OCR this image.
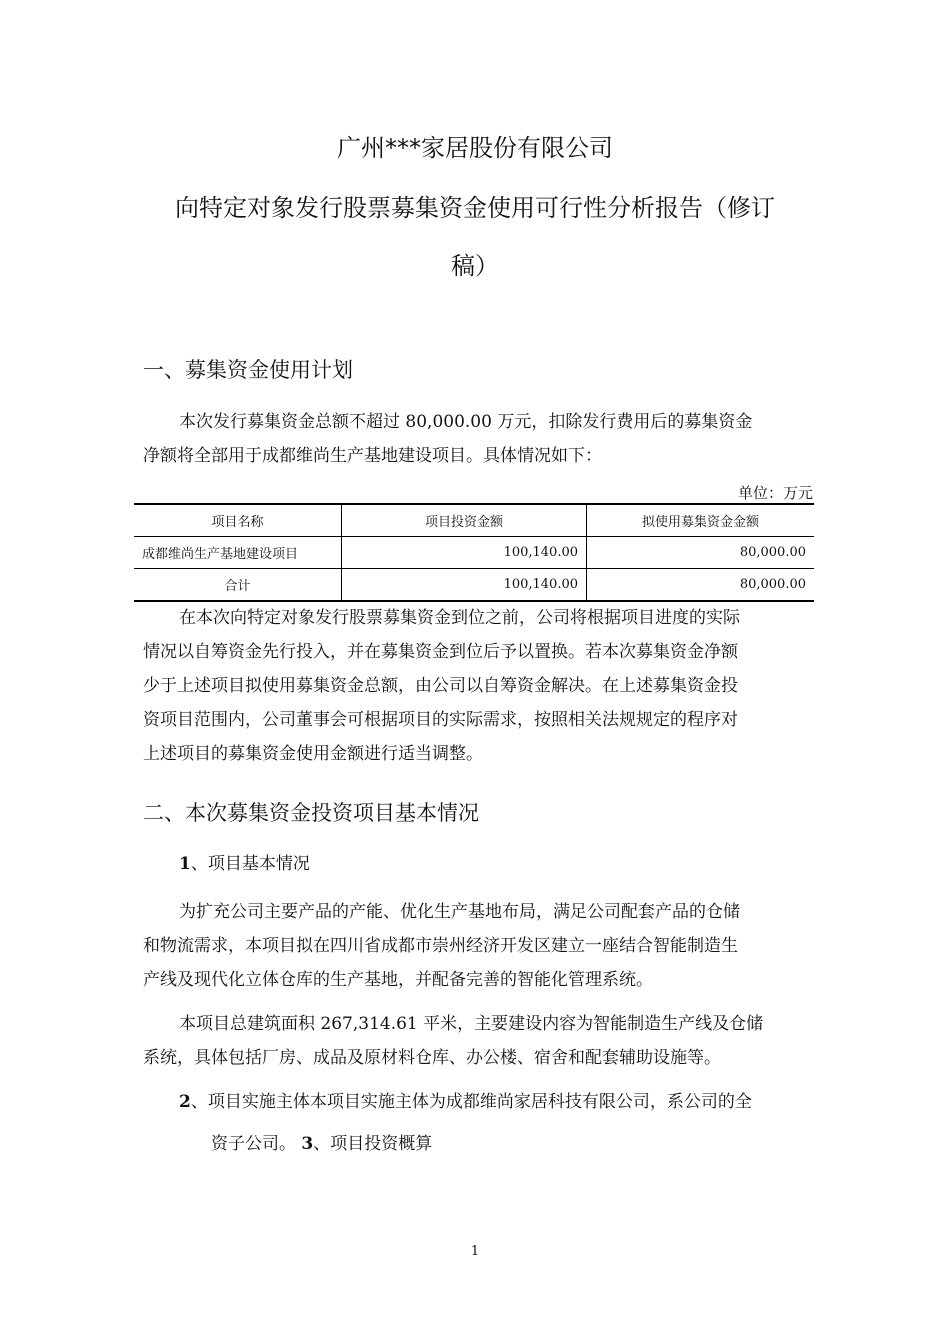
广州***家居股份有限公司
向特定对象发行股票募集资金使用可行性分析报告（修订
稿）
一、募集资金使用计划

本次发行募集资金总额不超过 80,000.00 万元，扣除发行费用后的募集资金

净额将全部用于成都维尚生产基地建设项目。具体情况如下：

单位：万元
项目名称	项目投资金额	拟使用募集资金金额
成都维尚生产基地建设项目	100,140.00	80,000.00
合计	100,140.00	80,000.00

在本次向特定对象发行股票募集资金到位之前，公司将根据项目进度的实际

情况以自筹资金先行投入，并在募集资金到位后予以置换。若本次募集资金净额

少于上述项目拟使用募集资金总额，由公司以自筹资金解决。在上述募集资金投

资项目范围内，公司董事会可根据项目的实际需求，按照相关法规规定的程序对

上述项目的募集资金使用金额进行适当调整。

二、本次募集资金投资项目基本情况

1、项目基本情况

为扩充公司主要产品的产能、优化生产基地布局，满足公司配套产品的仓储

和物流需求，本项目拟在四川省成都市崇州经济开发区建立一座结合智能制造生

产线及现代化立体仓库的生产基地，并配备完善的智能化管理系统。

本项目总建筑面积 267,314.61 平米，主要建设内容为智能制造生产线及仓储

系统，具体包括厂房、成品及原材料仓库、办公楼、宿舍和配套辅助设施等。

2、项目实施主体本项目实施主体为成都维尚家居科技有限公司，系公司的全

资子公司。 3、项目投资概算

1
